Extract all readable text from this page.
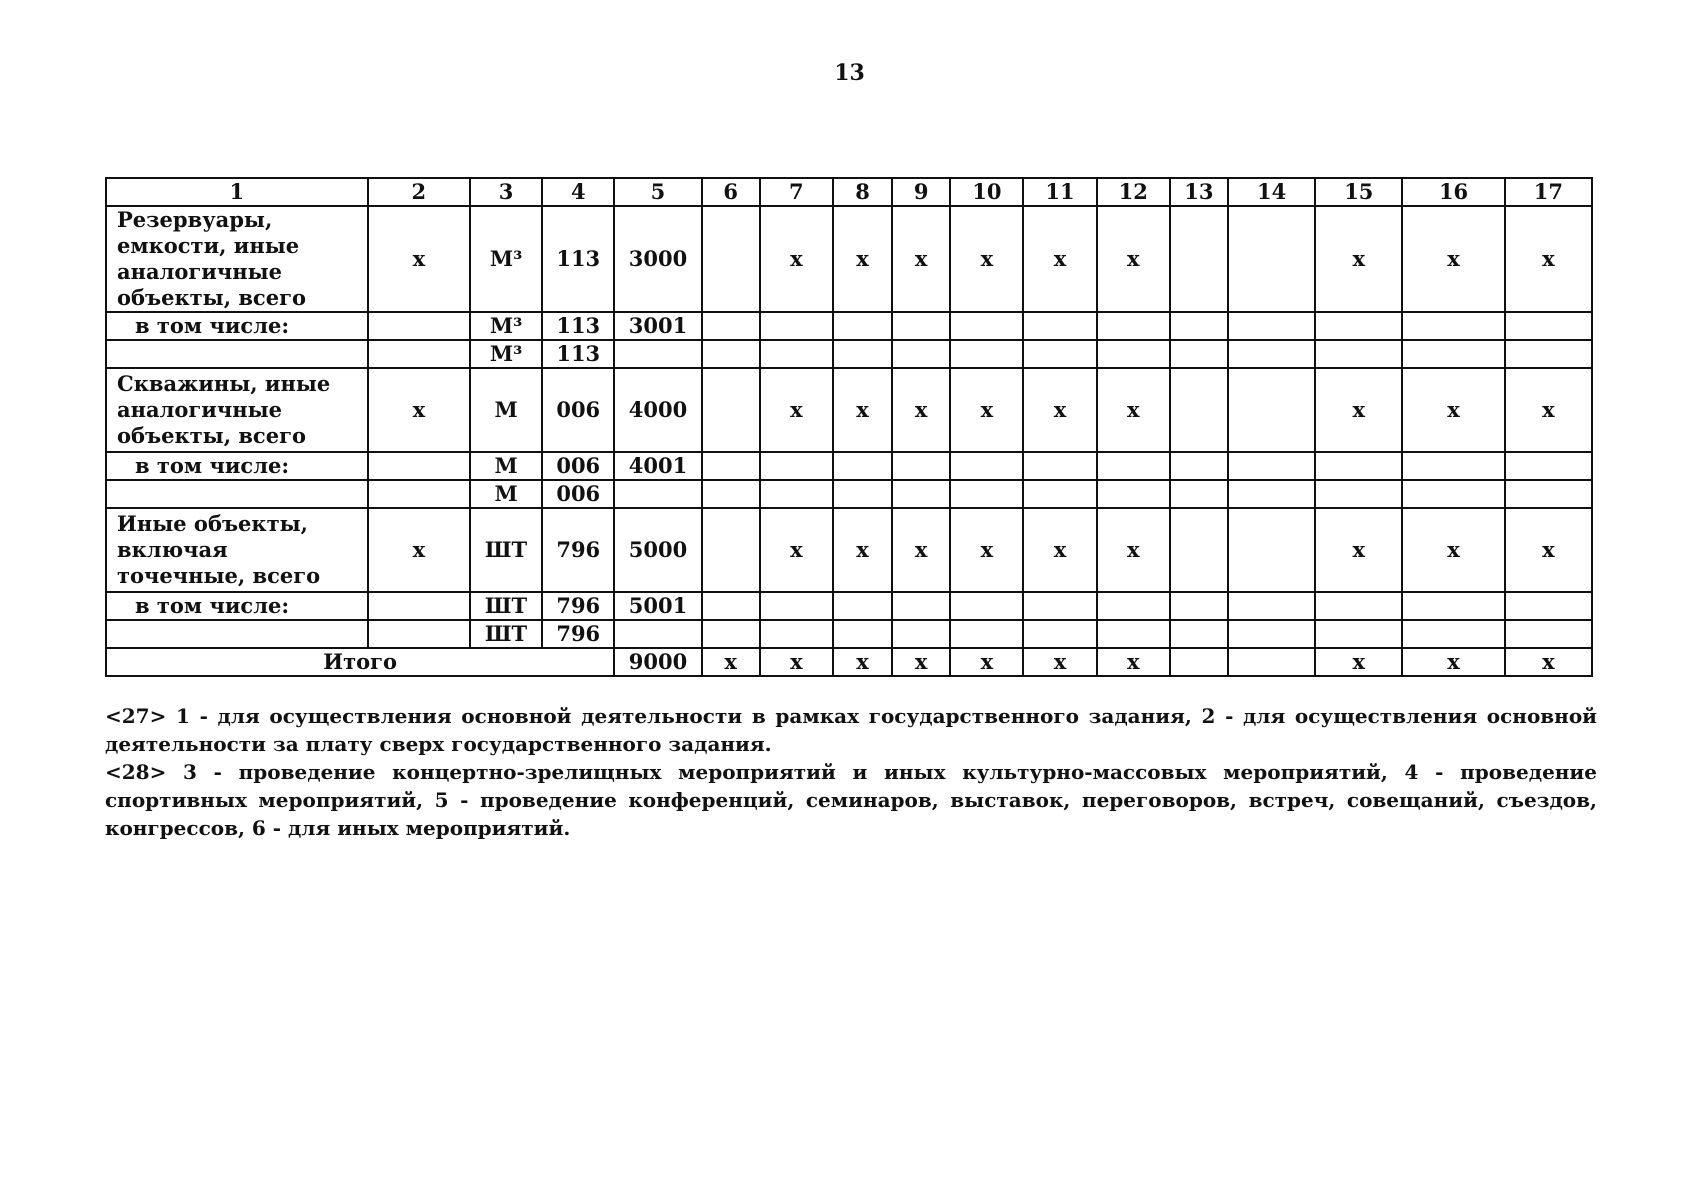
13
1	2	3	4	5	6	7	8	9	10	11	12	13	14	15	16	17
Резервуары, емкости, иные аналогичные объекты, всего	х	М³	113	3000		х	х	х	х	х	х			х	х	х
в том числе:		М³	113	3001												
		М³	113													
Скважины, иные аналогичные объекты, всего	х	М	006	4000		х	х	х	х	х	х			х	х	х
в том числе:		М	006	4001												
		М	006													
Иные объекты, включая точечные, всего	х	ШТ	796	5000		х	х	х	х	х	х			х	х	х
в том числе:		ШТ	796	5001												
		ШТ	796													
Итого				9000	х	х	х	х	х	х	х			х	х	х

<27> 1 - для осуществления основной деятельности в рамках государственного задания, 2 - для осуществления основной деятельности за плату сверх государственного задания.

<28> 3 - проведение концертно-зрелищных мероприятий и иных культурно-массовых мероприятий, 4 - проведение спортивных мероприятий, 5 - проведение конференций, семинаров, выставок, переговоров, встреч, совещаний, съездов, конгрессов, 6 - для иных мероприятий.
